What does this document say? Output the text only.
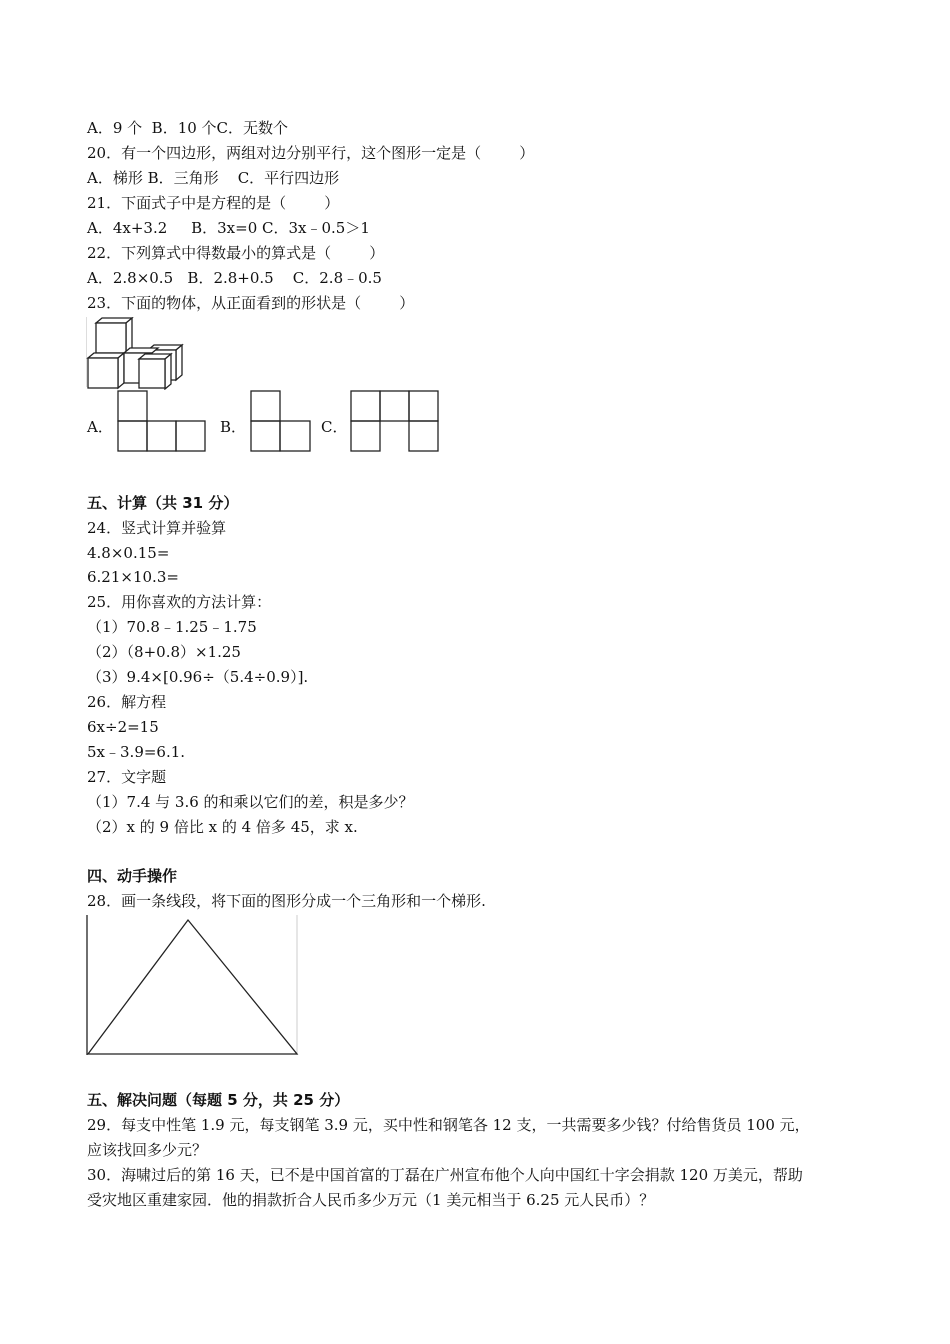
A．9 个  B．10 个C．无数个
20．有一个四边形，两组对边分别平行，这个图形一定是（        ）
A．梯形 B．三角形    C．平行四边形
21．下面式子中是方程的是（        ）
A．4x+3.2     B．3x=0 C．3x﹣0.5＞1
22．下列算式中得数最小的算式是（        ）
A．2.8×0.5   B．2.8+0.5    C．2.8﹣0.5
23．下面的物体，从正面看到的形状是（        ）
A．	B．	C．
五、计算（共 31 分）
24．竖式计算并验算
4.8×0.15=
6.21×10.3=
25．用你喜欢的方法计算：
（1）70.8﹣1.25﹣1.75
（2）（8+0.8）×1.25
（3）9.4×[0.96÷（5.4÷0.9）].
26．解方程
6x÷2=15
5x﹣3.9=6.1.
27．文字题
（1）7.4 与 3.6 的和乘以它们的差，积是多少？
（2）x 的 9 倍比 x 的 4 倍多 45，求 x.
四、动手操作
28．画一条线段，将下面的图形分成一个三角形和一个梯形.
五、解决问题（每题 5 分，共 25 分）
29．每支中性笔 1.9 元，每支钢笔 3.9 元，买中性和钢笔各 12 支，一共需要多少钱？付给售货员 100 元，
应该找回多少元？
30．海啸过后的第 16 天，已不是中国首富的丁磊在广州宣布他个人向中国红十字会捐款 120 万美元，帮助
受灾地区重建家园．他的捐款折合人民币多少万元（1 美元相当于 6.25 元人民币）？
